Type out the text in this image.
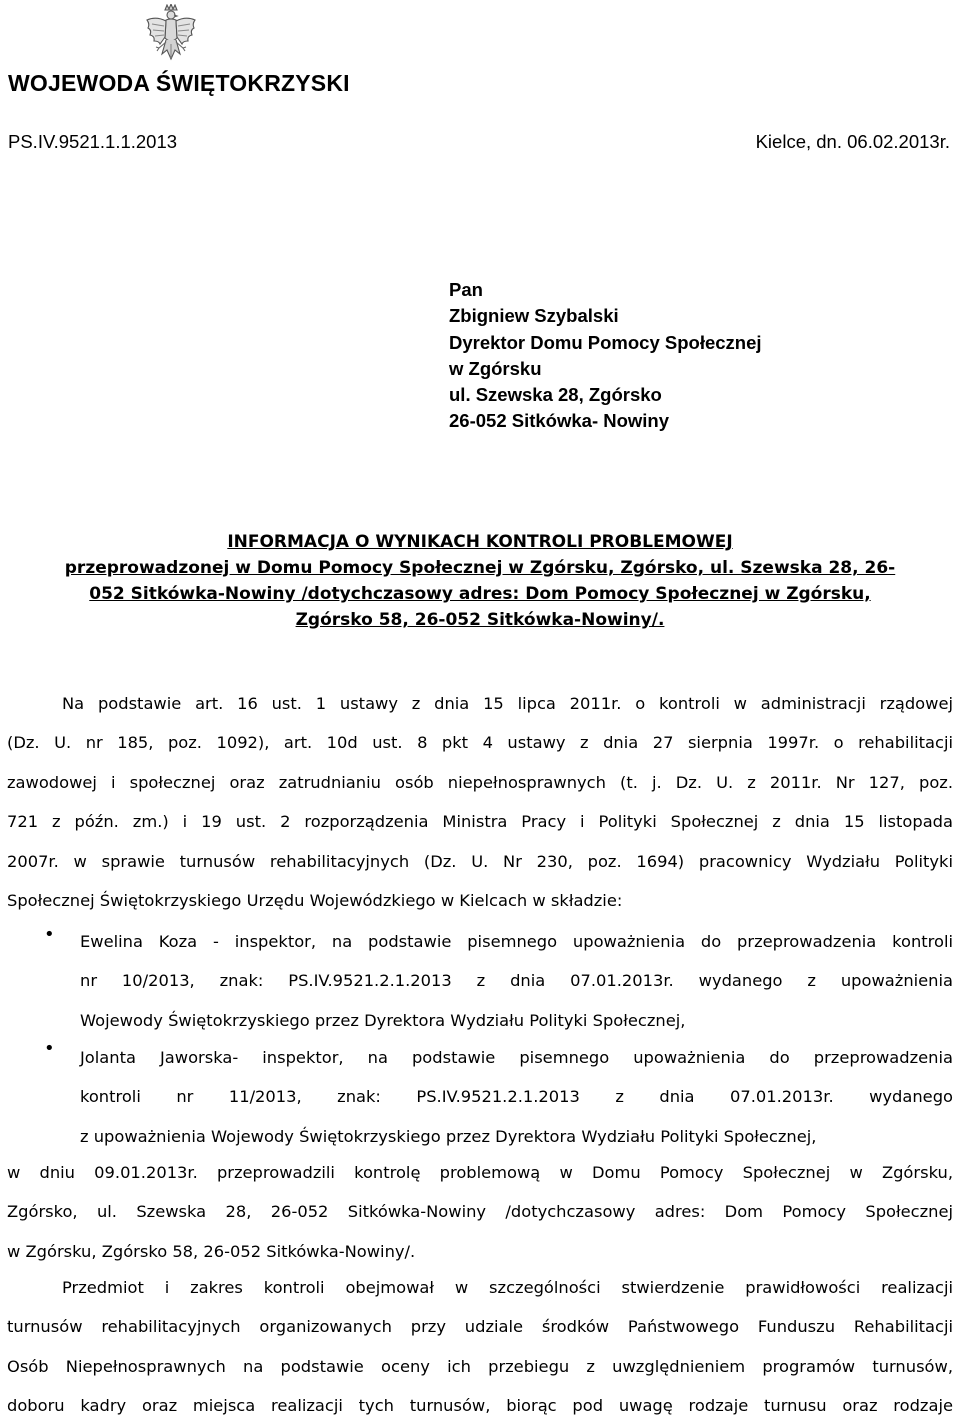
WOJEWODA ŚWIĘTOKRZYSKI
PS.IV.9521.1.1.2013	Kielce, dn. 06.02.2013r.
Pan
Zbigniew Szybalski
Dyrektor Domu Pomocy Społecznej
w Zgórsku
ul. Szewska 28, Zgórsko
26-052 Sitkówka- Nowiny
INFORMACJA O WYNIKACH KONTROLI PROBLEMOWEJ
przeprowadzonej w Domu Pomocy Społecznej w Zgórsku, Zgórsko, ul. Szewska 28, 26-
052 Sitkówka-Nowiny /dotychczasowy adres: Dom Pomocy Społecznej w Zgórsku,
Zgórsko 58, 26-052 Sitkówka-Nowiny/.
Na podstawie art. 16 ust. 1 ustawy z dnia 15 lipca 2011r. o kontroli w administracji rządowej
(Dz. U. nr 185, poz. 1092), art. 10d ust. 8 pkt 4 ustawy z dnia 27 sierpnia 1997r. o rehabilitacji
zawodowej i społecznej oraz zatrudnianiu osób niepełnosprawnych (t. j. Dz. U. z 2011r. Nr 127, poz.
721 z późn. zm.) i 19 ust. 2 rozporządzenia Ministra Pracy i Polityki Społecznej z dnia 15 listopada
2007r. w sprawie turnusów rehabilitacyjnych (Dz. U. Nr 230, poz. 1694) pracownicy Wydziału Polityki
Społecznej Świętokrzyskiego Urzędu Wojewódzkiego w Kielcach w składzie:
• Ewelina Koza - inspektor, na podstawie pisemnego upoważnienia do przeprowadzenia kontroli
nr 10/2013, znak: PS.IV.9521.2.1.2013 z dnia 07.01.2013r. wydanego z upoważnienia
Wojewody Świętokrzyskiego przez Dyrektora Wydziału Polityki Społecznej,
• Jolanta Jaworska- inspektor, na podstawie pisemnego upoważnienia do przeprowadzenia
kontroli nr 11/2013, znak: PS.IV.9521.2.1.2013 z dnia 07.01.2013r. wydanego
z upoważnienia Wojewody Świętokrzyskiego przez Dyrektora Wydziału Polityki Społecznej,
w dniu 09.01.2013r. przeprowadzili kontrolę problemową w Domu Pomocy Społecznej w Zgórsku,
Zgórsko, ul. Szewska 28, 26-052 Sitkówka-Nowiny /dotychczasowy adres: Dom Pomocy Społecznej
w Zgórsku, Zgórsko 58, 26-052 Sitkówka-Nowiny/.
Przedmiot i zakres kontroli obejmował w szczególności stwierdzenie prawidłowości realizacji
turnusów rehabilitacyjnych organizowanych przy udziale środków Państwowego Funduszu Rehabilitacji
Osób Niepełnosprawnych na podstawie oceny ich przebiegu z uwzględnieniem programów turnusów,
doboru kadry oraz miejsca realizacji tych turnusów, biorąc pod uwagę rodzaje turnusu oraz rodzaje
